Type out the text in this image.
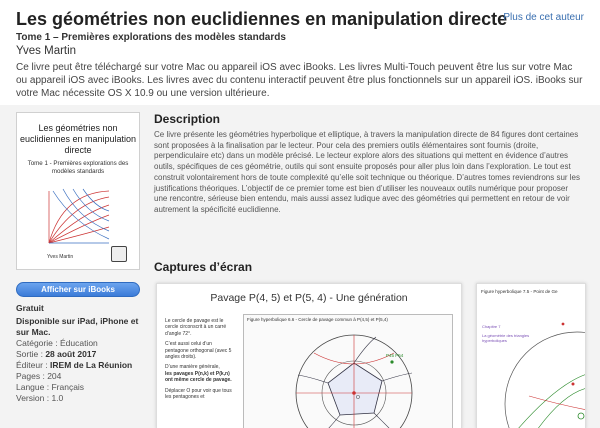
Les géométries non euclidiennes en manipulation directe
Plus de cet auteur
Tome 1 – Premières explorations des modèles standards
Yves Martin
Ce livre peut être téléchargé sur votre Mac ou appareil iOS avec iBooks. Les livres Multi-Touch peuvent être lus sur votre Mac ou appareil iOS avec iBooks. Les livres avec du contenu interactif peuvent être plus fonctionnels sur un appareil iOS. iBooks sur votre Mac nécessite OS X 10.9 ou une version ultérieure.
Les géométries non euclidiennes en manipulation directe
Tome 1 - Premières explorations des modèles standards
Yves Martin
Afficher sur iBooks
Gratuit
Disponible sur iPad, iPhone et sur Mac.
Catégorie : Éducation
Sortie : 28 août 2017
Éditeur : IREM de La Réunion
Pages : 204
Langue : Français
Version : 1.0
Description
Ce livre présente les géométries hyperbolique et elliptique, à travers la manipulation directe de 84 figures dont certaines sont proposées à la finalisation par le lecteur. Pour cela des premiers outils élémentaires sont fournis (droite, perpendiculaire etc) dans un modèle précisé. Le lecteur explore alors des situations qui mettent en évidence d’autres outils, spécifiques de ces géométrie, outils qui sont ensuite proposés pour aller plus loin dans l’exploration. Le tout est construit volontairement hors de toute complexité qu’elle soit technique ou théorique. D’autres tomes reviendrons sur les justifications théoriques. L’objectif de ce premier tome est bien d’utiliser les nouveaux outils numérique pour proposer une rencontre, sérieuse bien entendu, mais aussi assez ludique avec des géométries qui permettent en retour de voir autrement la spécificité euclidienne.
Captures d’écran
Pavage P(4, 5) et P(5, 4) - Une génération

Le cercle de pavage est le cercle circonscrit à un carré d’angle 72°.

C’est aussi celui d’un pentagone orthogonal (avec 5 angles droits).

D’une manière générale,

les pavages P(n,k) et P(k,n) ont même cercle de pavage.

Déplacer O pour voir que tous les pentagones et

Figure hyperbolique 6.6 - Cercle de pavage commun à P(4,5) et P(5,4)
P45 P54
O
Figure hyperbolique 7.5 - Point de Ge

Chapitre 7

La géométrie des triangles hyperboliques
